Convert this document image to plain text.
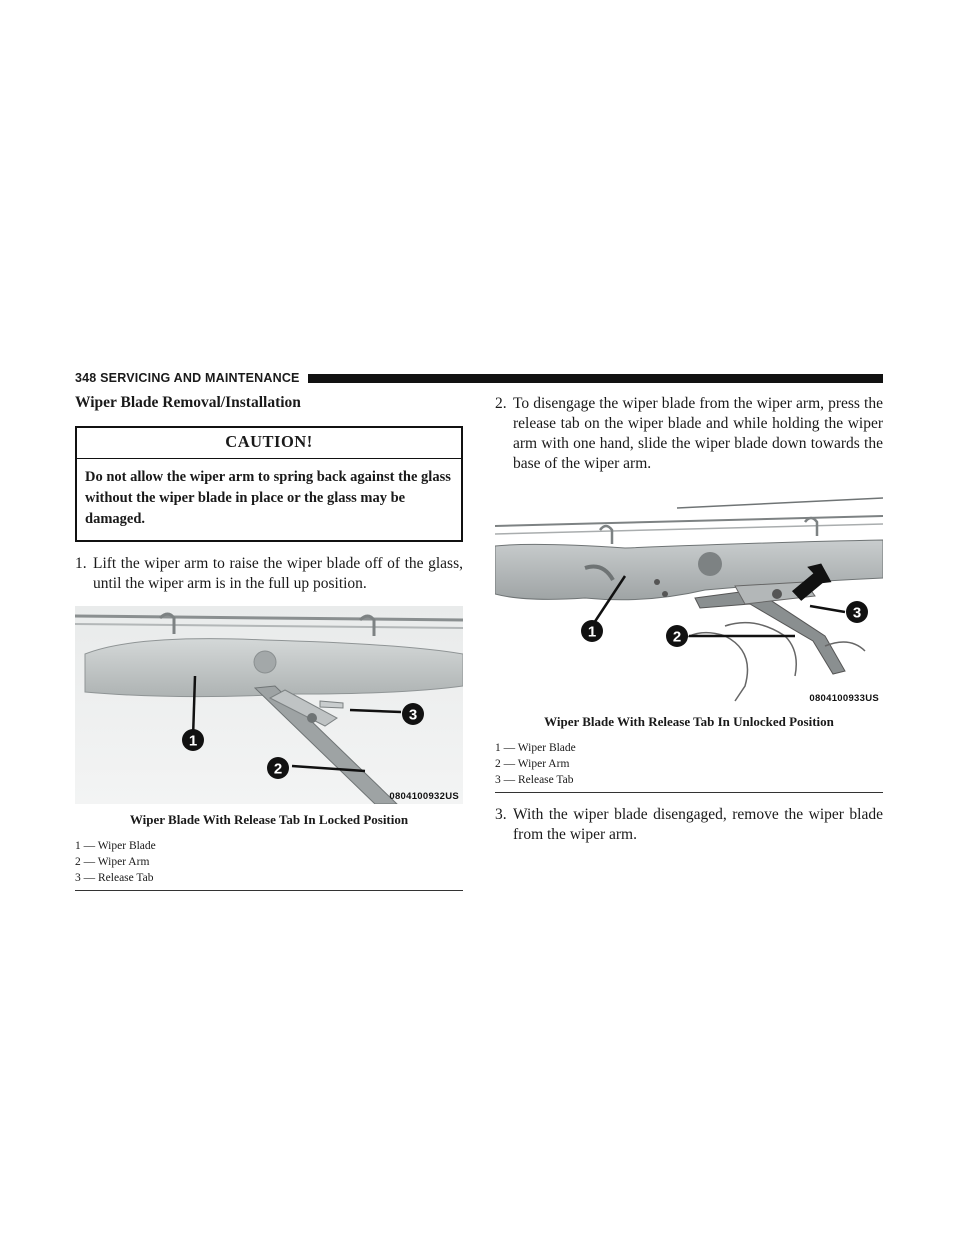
348 SERVICING AND MAINTENANCE
Wiper Blade Removal/Installation
CAUTION!
Do not allow the wiper arm to spring back against the glass without the wiper blade in place or the glass may be damaged.
1. Lift the wiper arm to raise the wiper blade off of the glass, until the wiper arm is in the full up position.
1
2
3
0804100932US
Wiper Blade With Release Tab In Locked Position
1 — Wiper Blade
2 — Wiper Arm
3 — Release Tab
2. To disengage the wiper blade from the wiper arm, press the release tab on the wiper blade and while holding the wiper arm with one hand, slide the wiper blade down towards the base of the wiper arm.
1	2
3
0804100933US
Wiper Blade With Release Tab In Unlocked Position
1 — Wiper Blade
2 — Wiper Arm
3 — Release Tab
3. With the wiper blade disengaged, remove the wiper blade from the wiper arm.
